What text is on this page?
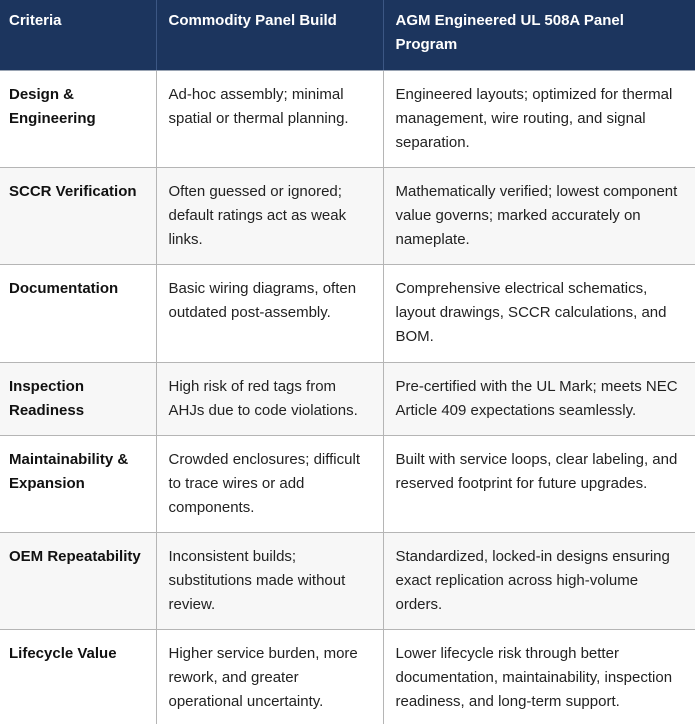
Criteria	Commodity Panel Build	AGM Engineered UL 508A Panel Program
Design & Engineering	Ad-hoc assembly; minimal spatial or thermal planning.	Engineered layouts; optimized for thermal management, wire routing, and signal separation.
SCCR Verification	Often guessed or ignored; default ratings act as weak links.	Mathematically verified; lowest component value governs; marked accurately on nameplate.
Documentation	Basic wiring diagrams, often outdated post-assembly.	Comprehensive electrical schematics, layout drawings, SCCR calculations, and BOM.
Inspection Readiness	High risk of red tags from AHJs due to code violations.	Pre-certified with the UL Mark; meets NEC Article 409 expectations seamlessly.
Maintainability & Expansion	Crowded enclosures; difficult to trace wires or add components.	Built with service loops, clear labeling, and reserved footprint for future upgrades.
OEM Repeatability	Inconsistent builds; substitutions made without review.	Standardized, locked-in designs ensuring exact replication across high-volume orders.
Lifecycle Value	Higher service burden, more rework, and greater operational uncertainty.	Lower lifecycle risk through better documentation, maintainability, inspection readiness, and long-term support.
